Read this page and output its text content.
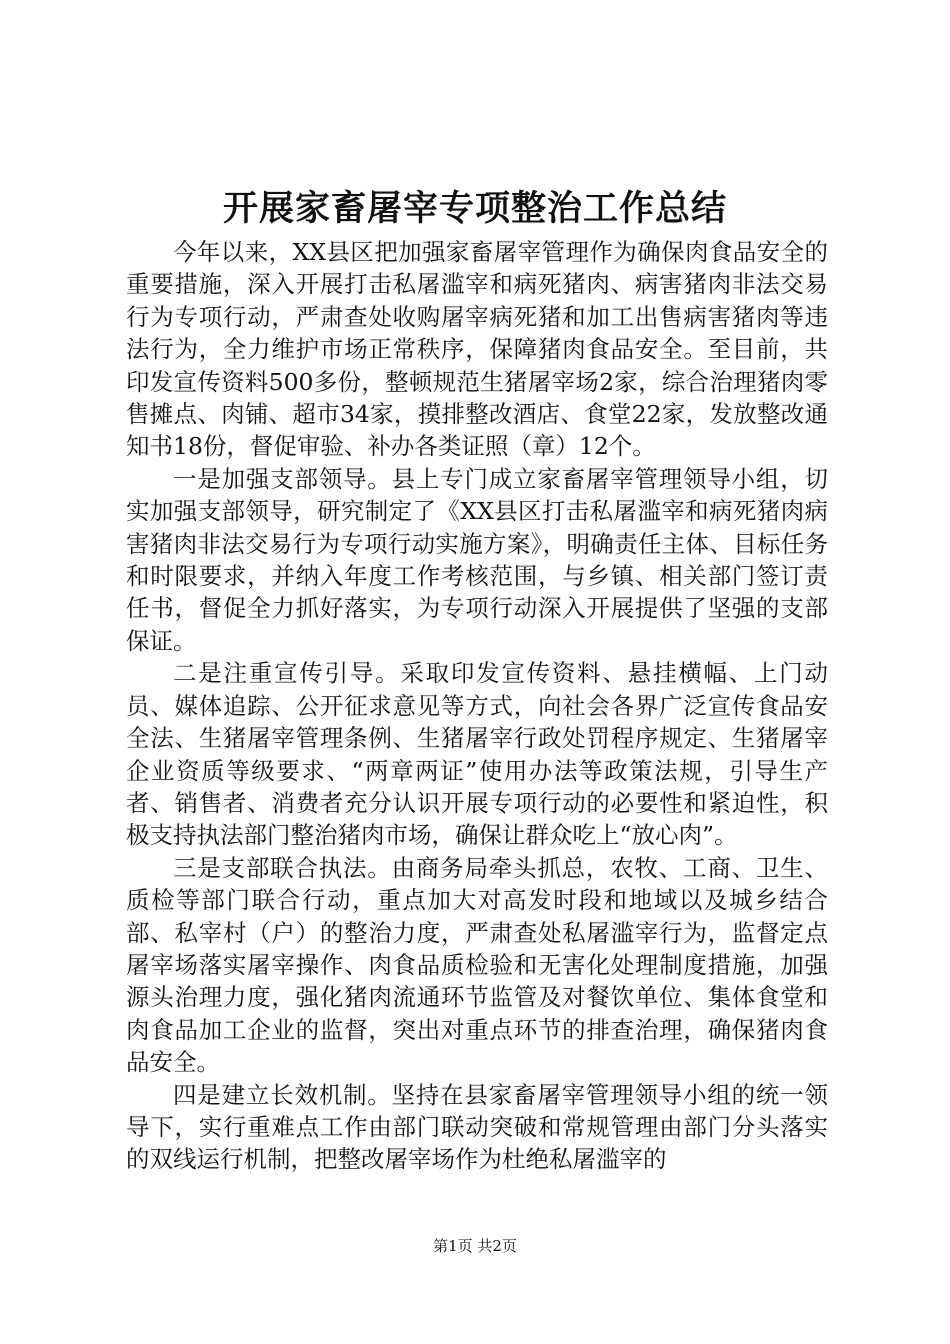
开展家畜屠宰专项整治工作总结

今年以来，XX县区把加强家畜屠宰管理作为确保肉食品安全的重要措施，深入开展打击私屠滥宰和病死猪肉、病害猪肉非法交易行为专项行动，严肃查处收购屠宰病死猪和加工出售病害猪肉等违法行为，全力维护市场正常秩序，保障猪肉食品安全。至目前，共印发宣传资料500多份，整顿规范生猪屠宰场2家，综合治理猪肉零售摊点、肉铺、超市34家，摸排整改酒店、食堂22家，发放整改通知书18份，督促审验、补办各类证照（章）12个。

一是加强支部领导。县上专门成立家畜屠宰管理领导小组，切实加强支部领导，研究制定了《XX县区打击私屠滥宰和病死猪肉病害猪肉非法交易行为专项行动实施方案》，明确责任主体、目标任务和时限要求，并纳入年度工作考核范围，与乡镇、相关部门签订责任书，督促全力抓好落实，为专项行动深入开展提供了坚强的支部保证。

二是注重宣传引导。采取印发宣传资料、悬挂横幅、上门动员、媒体追踪、公开征求意见等方式，向社会各界广泛宣传食品安全法、生猪屠宰管理条例、生猪屠宰行政处罚程序规定、生猪屠宰企业资质等级要求、“两章两证”使用办法等政策法规，引导生产者、销售者、消费者充分认识开展专项行动的必要性和紧迫性，积极支持执法部门整治猪肉市场，确保让群众吃上“放心肉”。

三是支部联合执法。由商务局牵头抓总，农牧、工商、卫生、质检等部门联合行动，重点加大对高发时段和地域以及城乡结合部、私宰村（户）的整治力度，严肃查处私屠滥宰行为，监督定点屠宰场落实屠宰操作、肉食品质检验和无害化处理制度措施，加强源头治理力度，强化猪肉流通环节监管及对餐饮单位、集体食堂和肉食品加工企业的监督，突出对重点环节的排查治理，确保猪肉食品安全。

四是建立长效机制。坚持在县家畜屠宰管理领导小组的统一领导下，实行重难点工作由部门联动突破和常规管理由部门分头落实的双线运行机制，把整改屠宰场作为杜绝私屠滥宰的

第1页 共2页
